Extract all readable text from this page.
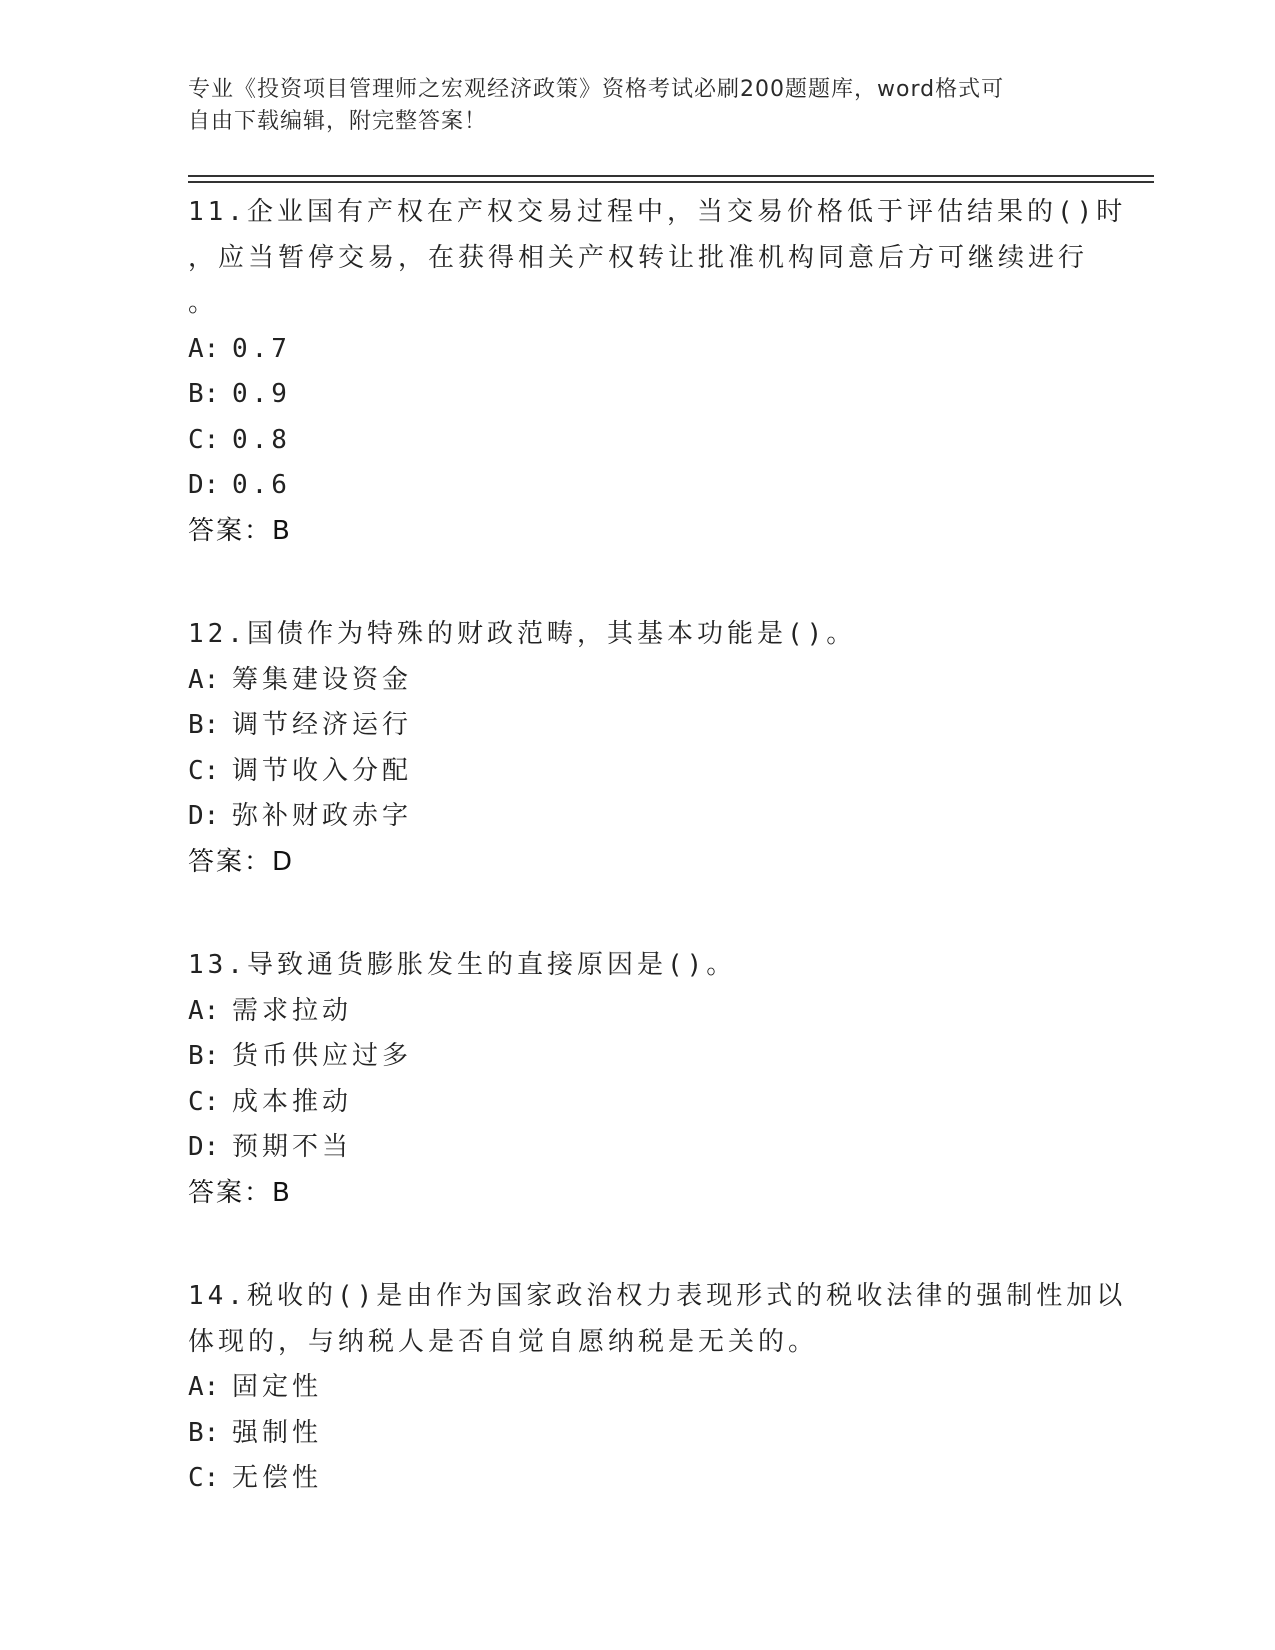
专业《投资项目管理师之宏观经济政策》资格考试必刷200题题库，word格式可
自由下载编辑，附完整答案！
11.企业国有产权在产权交易过程中，当交易价格低于评估结果的()时
，应当暂停交易，在获得相关产权转让批准机构同意后方可继续进行
。
A: 0.7
B: 0.9
C: 0.8
D: 0.6
答案：B
12.国债作为特殊的财政范畴，其基本功能是()。
A: 筹集建设资金
B: 调节经济运行
C: 调节收入分配
D: 弥补财政赤字
答案：D
13.导致通货膨胀发生的直接原因是()。
A: 需求拉动
B: 货币供应过多
C: 成本推动
D: 预期不当
答案：B
14.税收的()是由作为国家政治权力表现形式的税收法律的强制性加以
体现的，与纳税人是否自觉自愿纳税是无关的。
A: 固定性
B: 强制性
C: 无偿性
